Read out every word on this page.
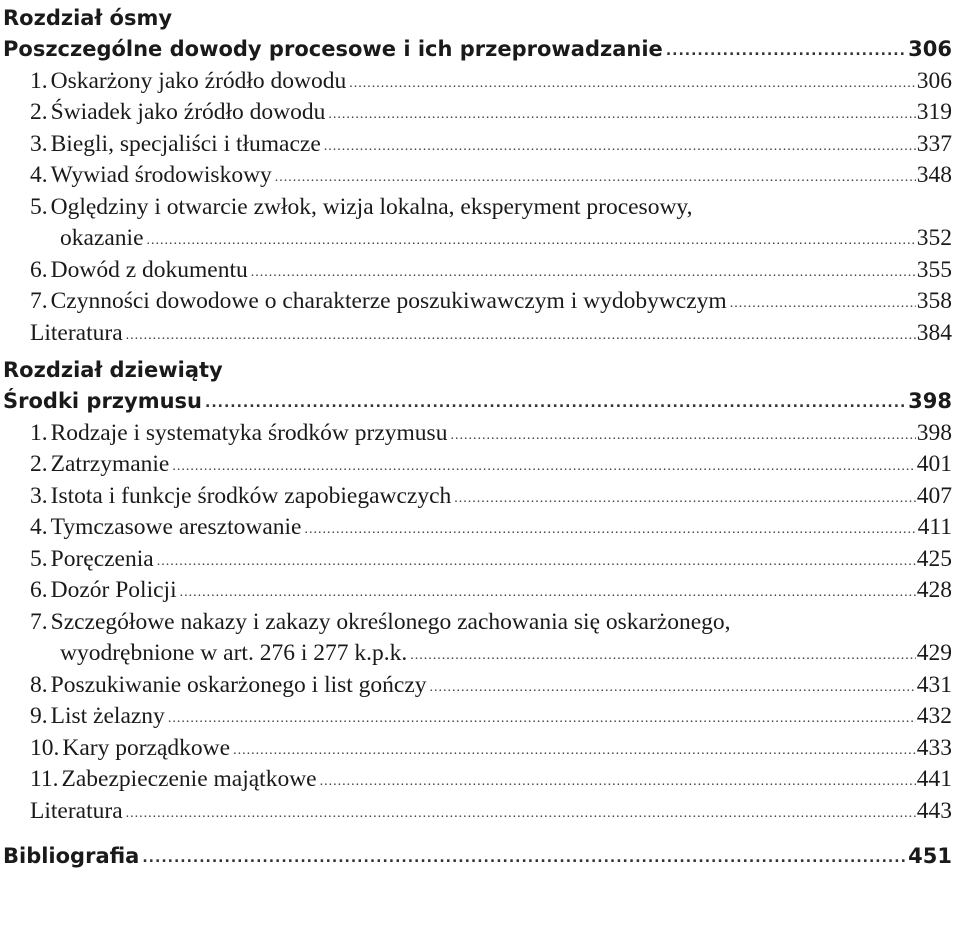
Rozdział ósmy
Poszczególne dowody procesowe i ich przeprowadzanie .....	306
1. Oskarżony jako źródło dowodu .....	306
2. Świadek jako źródło dowodu .....	319
3. Biegli, specjaliści i tłumacze .....	337
4. Wywiad środowiskowy .....	348
5. Oględziny i otwarcie zwłok, wizja lokalna, eksperyment procesowy,
okazanie .....	352
6. Dowód z dokumentu .....	355
7. Czynności dowodowe o charakterze poszukiwawczym i wydobywczym .....	358
Literatura .....	384
Rozdział dziewiąty
Środki przymusu .....	398
1. Rodzaje i systematyka środków przymusu .....	398
2. Zatrzymanie .....	401
3. Istota i funkcje środków zapobiegawczych .....	407
4. Tymczasowe aresztowanie .....	411
5. Poręczenia .....	425
6. Dozór Policji .....	428
7. Szczegółowe nakazy i zakazy określonego zachowania się oskarżonego,
wyodrębnione w art. 276 i 277 k.p.k. .....	429
8. Poszukiwanie oskarżonego i list gończy .....	431
9. List żelazny .....	432
10. Kary porządkowe .....	433
11. Zabezpieczenie majątkowe .....	441
Literatura .....	443
Bibliografia .....	451
